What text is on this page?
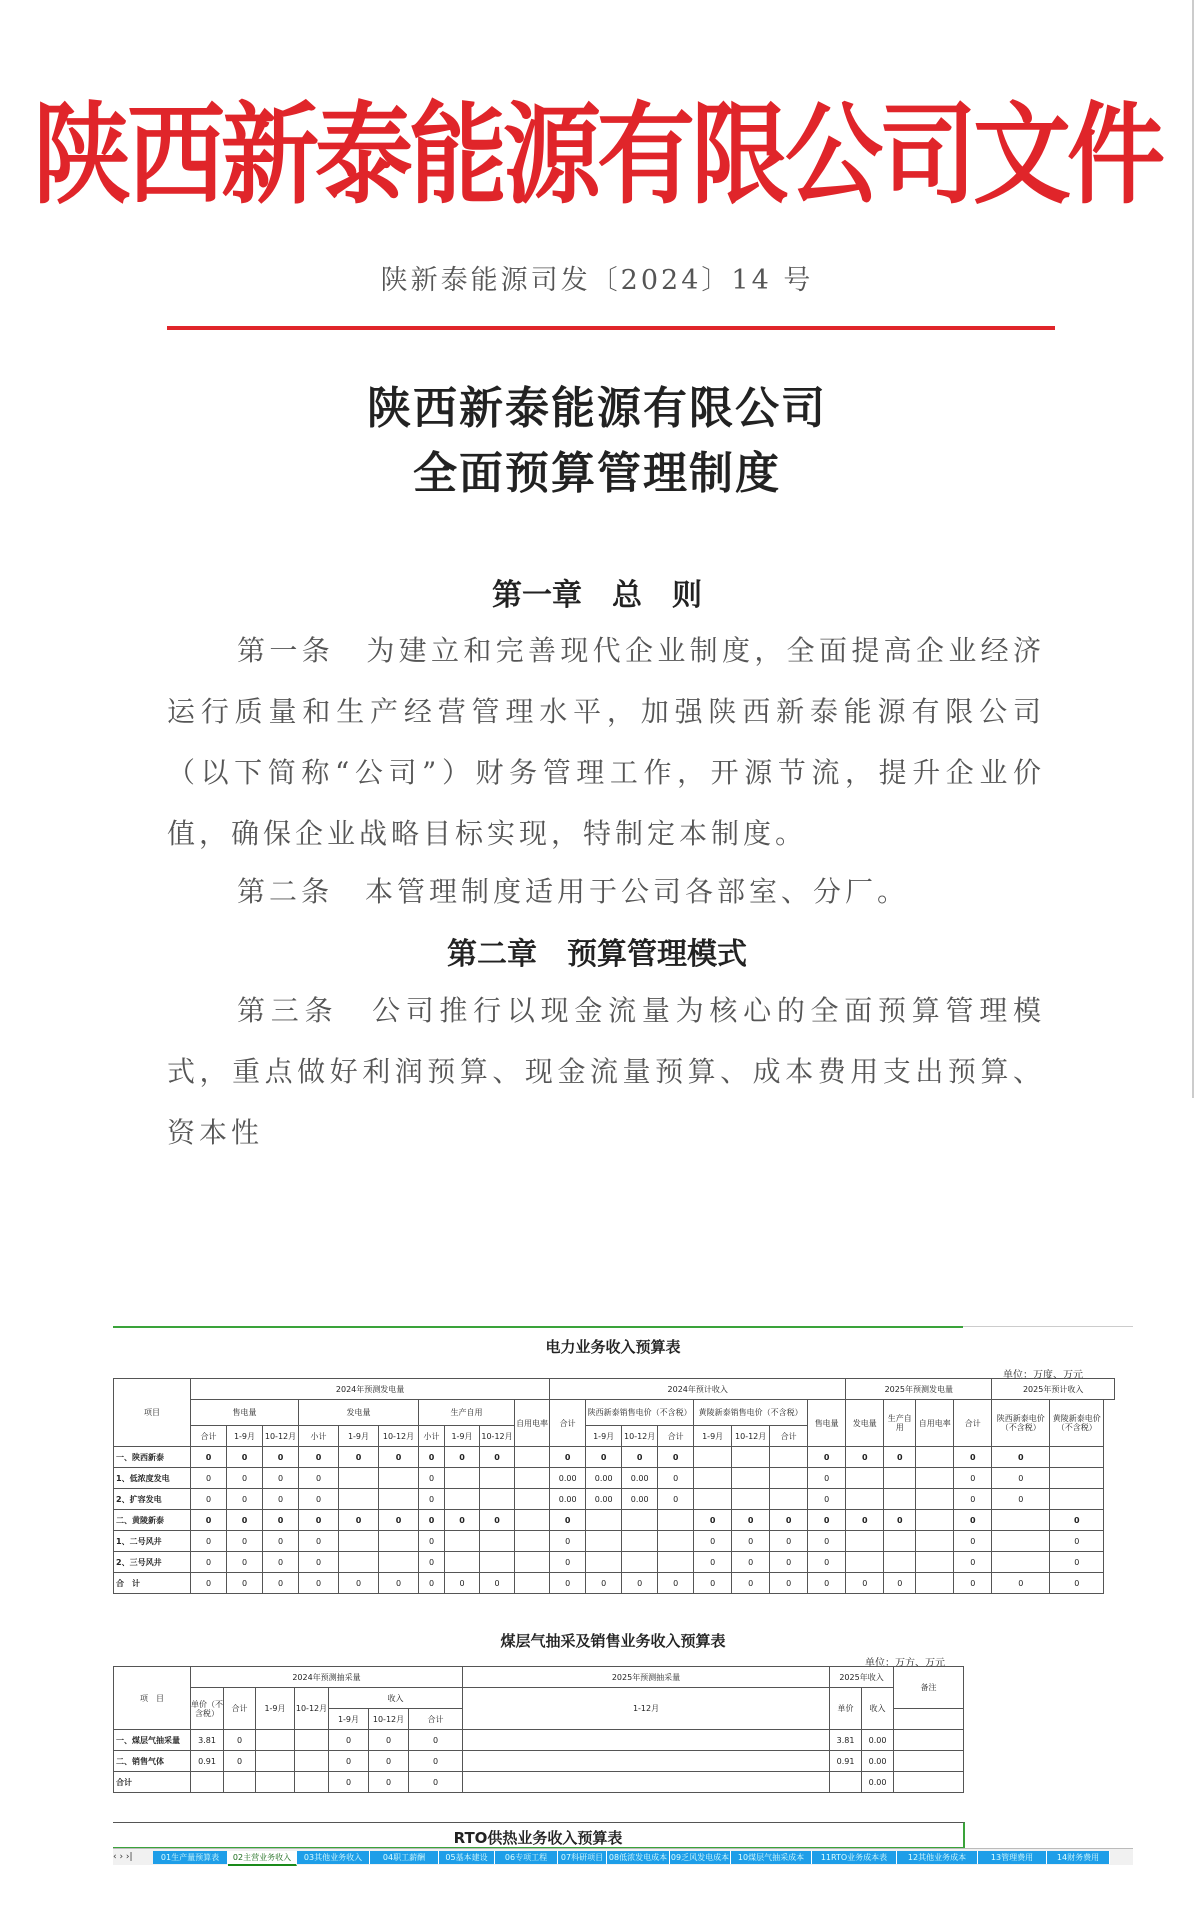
陕西新泰能源有限公司文件
陕新泰能源司发〔2024〕14 号
陕西新泰能源有限公司
全面预算管理制度
第一章　总　则
第一条　为建立和完善现代企业制度，全面提高企业经济运行质量和生产经营管理水平，加强陕西新泰能源有限公司（以下简称“公司”）财务管理工作，开源节流，提升企业价值，确保企业战略目标实现，特制定本制度。
第二条　本管理制度适用于公司各部室、分厂。
第二章　预算管理模式
第三条　公司推行以现金流量为核心的全面预算管理模式，重点做好利润预算、现金流量预算、成本费用支出预算、资本性
电力业务收入预算表
单位：万度、万元
项目	2024年预测发电量										2024年预计收入								2025年预测发电量				2025年预计收入	
	售电量			发电量			生产自用			自用电率	合计	陕西新泰销售电价（不含税）			黄陵新泰销售电价（不含税）			售电量	发电量	生产自用	自用电率	合计	陕西新泰电价（不含税）	黄陵新泰电价（不含税）
	合计	1-9月	10-12月	小计	1-9月	10-12月	小计	1-9月	10-12月			1-9月	10-12月	合计	1-9月	10-12月	合计							
一、陕西新泰	0	0	0	0	0	0	0	0	0		0	0	0	0				0	0	0		0	0	
1、低浓度发电	0	0	0	0			0				0.00	0.00	0.00	0				0				0	0	
2、扩容发电	0	0	0	0			0				0.00	0.00	0.00	0				0				0	0	
二、黄陵新泰	0	0	0	0	0	0	0	0	0		0				0	0	0	0	0	0		0		0
1、二号风井	0	0	0	0			0				0				0	0	0	0				0		0
2、三号风井	0	0	0	0			0				0				0	0	0	0				0		0
合　计	0	0	0	0	0	0	0	0	0		0	0	0	0	0	0	0	0	0	0		0	0	0
煤层气抽采及销售业务收入预算表
单位：万方、万元
项　目	2024年预测抽采量							2025年预测抽采量	2025年收入		备注
	单价（不含税）	合计	1-9月	10-12月	收入			1-12月	单价	收入	
					1-9月	10-12月	合计				
一、煤层气抽采量	3.81	0			0	0	0		3.81	0.00	
二、销售气体	0.91	0			0	0	0		0.91	0.00	
合计					0	0	0			0.00	
RTO供热业务收入预算表
‹ › ›|	01生产量预算表	02主营业务收入	03其他业务收入	04职工薪酬	05基本建设	06专项工程	07科研项目 08低浓发电成本 09乏风发电成本	10煤层气抽采成本	11RTO业务成本表	12其他业务成本	13管理费用	14财务费用
